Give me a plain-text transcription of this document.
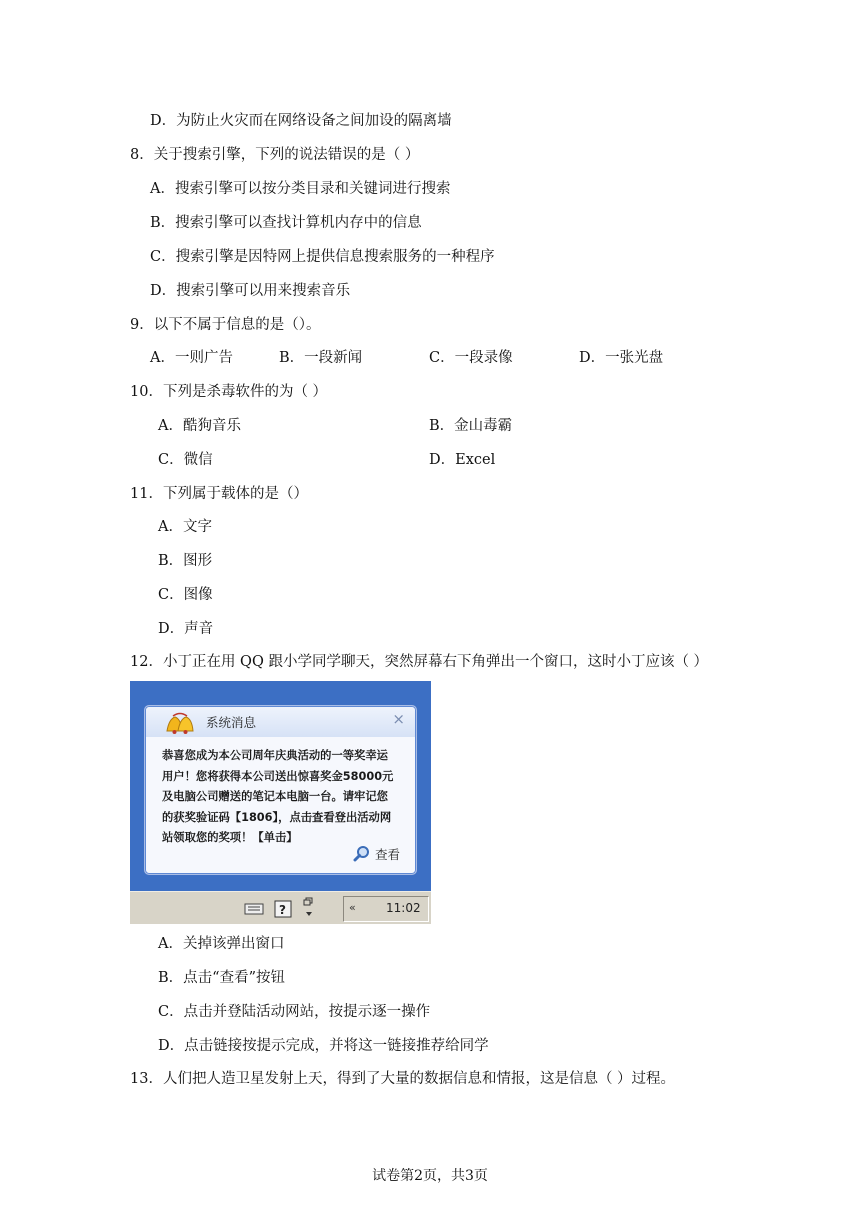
D．为防止火灾而在网络设备之间加设的隔离墙
8．关于搜索引擎，下列的说法错误的是（ ）
A．搜索引擎可以按分类目录和关键词进行搜索
B．搜索引擎可以查找计算机内存中的信息
C．搜索引擎是因特网上提供信息搜索服务的一种程序
D．搜索引擎可以用来搜索音乐
9．以下不属于信息的是（）。
A．一则广告	B．一段新闻	C．一段录像	D．一张光盘
10．下列是杀毒软件的为（ ）
A．酷狗音乐	B．金山毒霸
C．微信	D．Excel
11．下列属于载体的是（）
A．文字
B．图形
C．图像
D．声音
12．小丁正在用 QQ 跟小学同学聊天，突然屏幕右下角弹出一个窗口，这时小丁应该（ ）
系统消息	×
恭喜您成为本公司周年庆典活动的一等奖幸运
用户！您将获得本公司送出惊喜奖金58000元
及电脑公司赠送的笔记本电脑一台。请牢记您
的获奖验证码【1806】，点击查看登出活动网
站领取您的奖项！【单击】
查看
?	«	11:02
A．关掉该弹出窗口
B．点击“查看”按钮
C．点击并登陆活动网站，按提示逐一操作
D．点击链接按提示完成，并将这一链接推荐给同学
13．人们把人造卫星发射上天，得到了大量的数据信息和情报，这是信息（ ）过程。
试卷第2页，共3页
